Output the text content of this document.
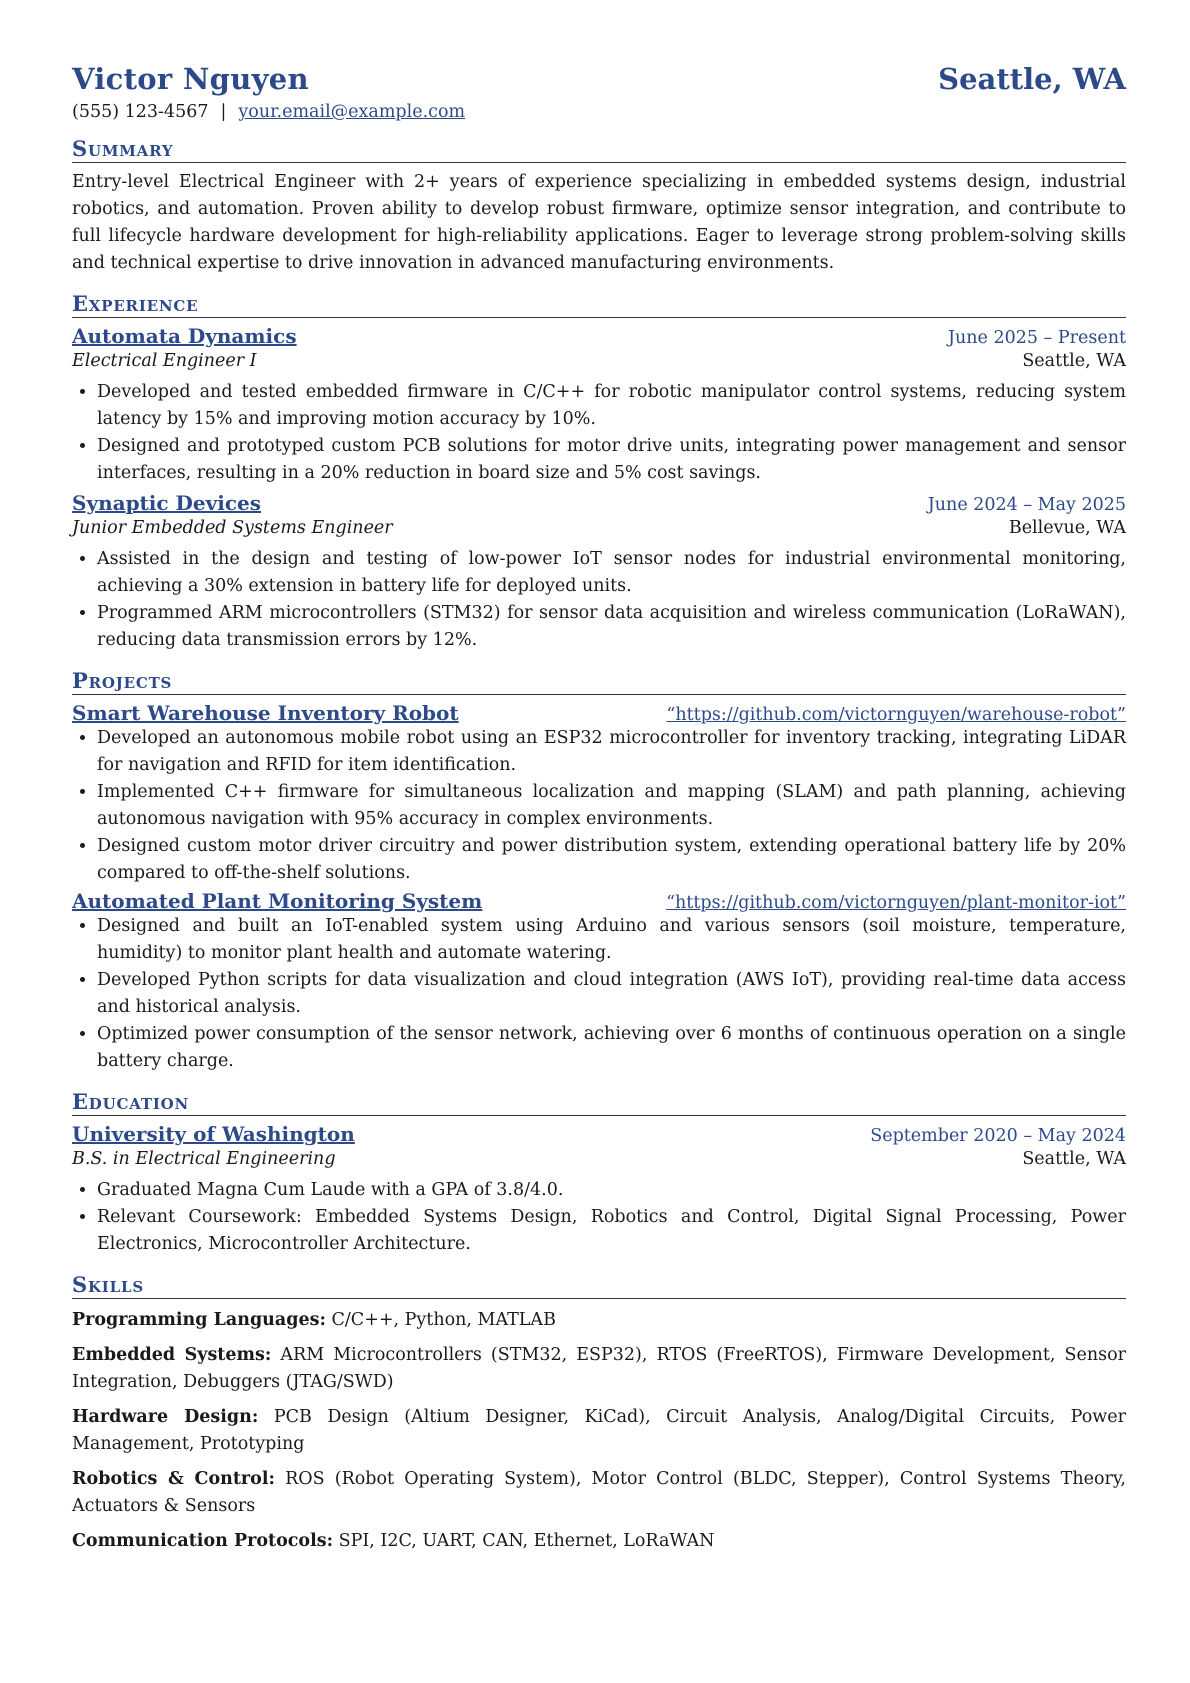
Victor Nguyen	Seattle, WA
(555) 123-4567 | your.email@example.com
Summary
Entry-level Electrical Engineer with 2+ years of experience specializing in embedded systems design, industrial robotics, and automation. Proven ability to develop robust firmware, optimize sensor integration, and contribute to full lifecycle hardware development for high-reliability applications. Eager to leverage strong problem-solving skills and technical expertise to drive innovation in advanced manufacturing environments.
Experience
Automata Dynamics	June 2025 – Present
Electrical Engineer I	Seattle, WA
• Developed and tested embedded firmware in C/C++ for robotic manipulator control systems, reducing system latency by 15% and improving motion accuracy by 10%.
• Designed and prototyped custom PCB solutions for motor drive units, integrating power management and sensor interfaces, resulting in a 20% reduction in board size and 5% cost savings.
Synaptic Devices	June 2024 – May 2025
Junior Embedded Systems Engineer	Bellevue, WA
• Assisted in the design and testing of low-power IoT sensor nodes for industrial environmental monitoring, achieving a 30% extension in battery life for deployed units.
• Programmed ARM microcontrollers (STM32) for sensor data acquisition and wireless communication (LoRaWAN), reducing data transmission errors by 12%.
Projects
Smart Warehouse Inventory Robot	“https://github.com/victornguyen/warehouse-robot”
• Developed an autonomous mobile robot using an ESP32 microcontroller for inventory tracking, integrating LiDAR for navigation and RFID for item identification.
• Implemented C++ firmware for simultaneous localization and mapping (SLAM) and path planning, achieving autonomous navigation with 95% accuracy in complex environments.
• Designed custom motor driver circuitry and power distribution system, extending operational battery life by 20% compared to off-the-shelf solutions.
Automated Plant Monitoring System	“https://github.com/victornguyen/plant-monitor-iot”
• Designed and built an IoT-enabled system using Arduino and various sensors (soil moisture, temperature, humidity) to monitor plant health and automate watering.
• Developed Python scripts for data visualization and cloud integration (AWS IoT), providing real-time data access and historical analysis.
• Optimized power consumption of the sensor network, achieving over 6 months of continuous operation on a single battery charge.
Education
University of Washington	September 2020 – May 2024
B.S. in Electrical Engineering	Seattle, WA
• Graduated Magna Cum Laude with a GPA of 3.8/4.0.
• Relevant Coursework: Embedded Systems Design, Robotics and Control, Digital Signal Processing, Power Electronics, Microcontroller Architecture.
Skills
Programming Languages: C/C++, Python, MATLAB
Embedded Systems: ARM Microcontrollers (STM32, ESP32), RTOS (FreeRTOS), Firmware Development, Sensor Integration, Debuggers (JTAG/SWD)
Hardware Design: PCB Design (Altium Designer, KiCad), Circuit Analysis, Analog/Digital Circuits, Power Management, Prototyping
Robotics & Control: ROS (Robot Operating System), Motor Control (BLDC, Stepper), Control Systems Theory, Actuators & Sensors
Communication Protocols: SPI, I2C, UART, CAN, Ethernet, LoRaWAN
